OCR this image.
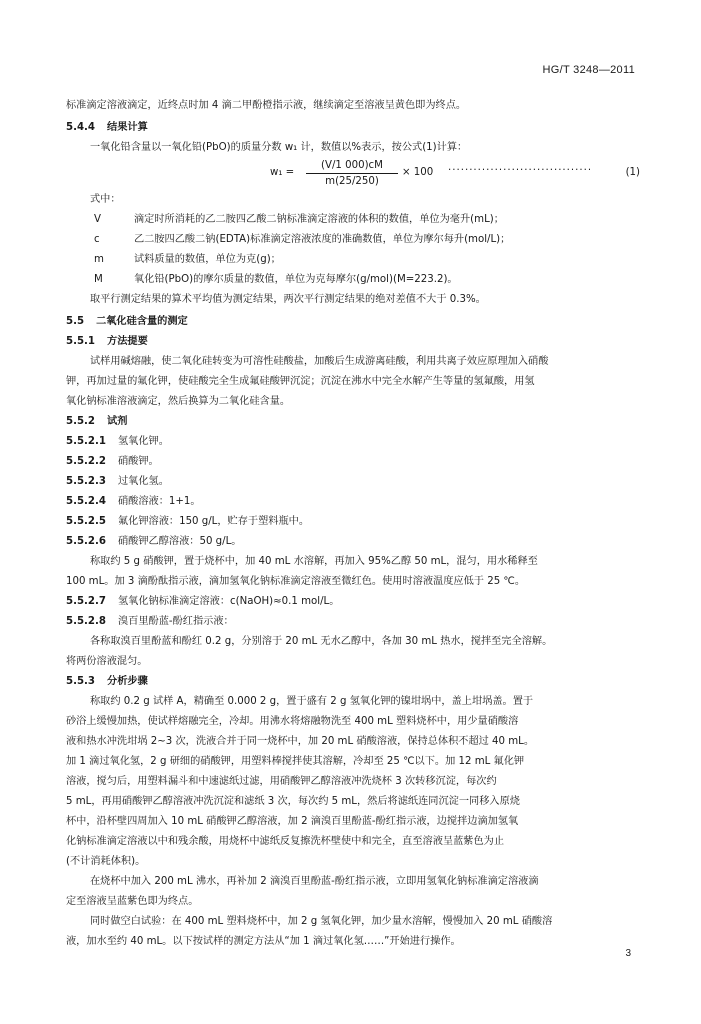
HG/T 3248—2011
标准滴定溶液滴定，近终点时加 4 滴二甲酚橙指示液，继续滴定至溶液呈黄色即为终点。
5.4.4 结果计算
一氧化铅含量以一氧化铅(PbO)的质量分数 w₁ 计，数值以%表示，按公式(1)计算：
w₁ =
(V/1 000)cM
m(25/250)
× 100 ··································	(1)
式中：
V	滴定时所消耗的乙二胺四乙酸二钠标准滴定溶液的体积的数值，单位为毫升(mL)；
c	乙二胺四乙酸二钠(EDTA)标准滴定溶液浓度的准确数值，单位为摩尔每升(mol/L)；
m	试料质量的数值，单位为克(g)；
M	氧化铅(PbO)的摩尔质量的数值，单位为克每摩尔(g/mol)(M=223.2)。
取平行测定结果的算术平均值为测定结果，两次平行测定结果的绝对差值不大于 0.3%。
5.5 二氧化硅含量的测定
5.5.1 方法提要
试样用碱熔融，使二氧化硅转变为可溶性硅酸盐，加酸后生成游离硅酸，利用共离子效应原理加入硝酸
钾，再加过量的氟化钾，使硅酸完全生成氟硅酸钾沉淀；沉淀在沸水中完全水解产生等量的氢氟酸，用氢
氧化钠标准溶液滴定，然后换算为二氧化硅含量。
5.5.2 试剂
5.5.2.1 氢氧化钾。
5.5.2.2 硝酸钾。
5.5.2.3 过氧化氢。
5.5.2.4 硝酸溶液：1+1。
5.5.2.5 氟化钾溶液：150 g/L，贮存于塑料瓶中。
5.5.2.6 硝酸钾乙醇溶液：50 g/L。
称取约 5 g 硝酸钾，置于烧杯中，加 40 mL 水溶解，再加入 95%乙醇 50 mL，混匀，用水稀释至
100 mL。加 3 滴酚酞指示液，滴加氢氧化钠标准滴定溶液至微红色。使用时溶液温度应低于 25 ℃。
5.5.2.7 氢氧化钠标准滴定溶液：c(NaOH)≈0.1 mol/L。
5.5.2.8 溴百里酚蓝-酚红指示液：
各称取溴百里酚蓝和酚红 0.2 g，分别溶于 20 mL 无水乙醇中，各加 30 mL 热水，搅拌至完全溶解。
将两份溶液混匀。
5.5.3 分析步骤
称取约 0.2 g 试样 A，精确至 0.000 2 g，置于盛有 2 g 氢氧化钾的镍坩埚中，盖上坩埚盖。置于
砂浴上缓慢加热，使试样熔融完全，冷却。用沸水将熔融物洗至 400 mL 塑料烧杯中，用少量硝酸溶
液和热水冲洗坩埚 2~3 次，洗液合并于同一烧杯中，加 20 mL 硝酸溶液，保持总体积不超过 40 mL。
加 1 滴过氧化氢，2 g 研细的硝酸钾，用塑料棒搅拌使其溶解，冷却至 25 ℃以下。加 12 mL 氟化钾
溶液，搅匀后，用塑料漏斗和中速滤纸过滤，用硝酸钾乙醇溶液冲洗烧杯 3 次转移沉淀，每次约
5 mL，再用硝酸钾乙醇溶液冲洗沉淀和滤纸 3 次，每次约 5 mL，然后将滤纸连同沉淀一同移入原烧
杯中，沿杯壁四周加入 10 mL 硝酸钾乙醇溶液，加 2 滴溴百里酚蓝-酚红指示液，边搅拌边滴加氢氧
化钠标准滴定溶液以中和残余酸，用烧杯中滤纸反复擦洗杯壁使中和完全，直至溶液呈蓝紫色为止
(不计消耗体积)。
在烧杯中加入 200 mL 沸水，再补加 2 滴溴百里酚蓝-酚红指示液，立即用氢氧化钠标准滴定溶液滴
定至溶液呈蓝紫色即为终点。
同时做空白试验：在 400 mL 塑料烧杯中，加 2 g 氢氧化钾，加少量水溶解，慢慢加入 20 mL 硝酸溶
液，加水至约 40 mL。以下按试样的测定方法从“加 1 滴过氧化氢……”开始进行操作。
3
